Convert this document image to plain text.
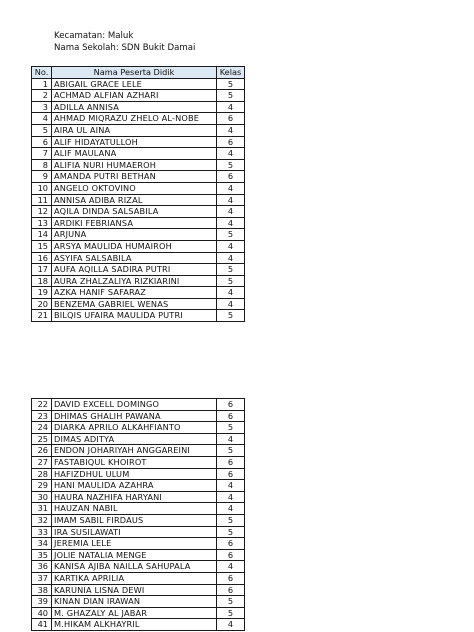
Kecamatan: Maluk
Nama Sekolah: SDN Bukit Damai
No.	Nama Peserta Didik	Kelas
1	ABIGAIL GRACE LELE	5
2	ACHMAD ALFIAN AZHARI	5
3	ADILLA ANNISA	4
4	AHMAD MIQRAZU ZHELO AL-NOBE	6
5	AIRA UL AINA	4
6	ALIF HIDAYATULLOH	6
7	ALIF MAULANA	4
8	ALIFIA NURI HUMAEROH	5
9	AMANDA PUTRI BETHAN	6
10	ANGELO OKTOVINO	4
11	ANNISA ADIBA RIZAL	4
12	AQILA DINDA SALSABILA	4
13	ARDIKI FEBRIANSA	4
14	ARJUNA	5
15	ARSYA MAULIDA HUMAIROH	4
16	ASYIFA SALSABILA	4
17	AUFA AQILLA SADIRA PUTRI	5
18	AURA ZHALZALIYA RIZKIARINI	5
19	AZKA HANIF SAFARAZ	4
20	BENZEMA GABRIEL WENAS	4
21	BILQIS UFAIRA MAULIDA PUTRI	5
22	DAVID EXCELL DOMINGO	6
23	DHIMAS GHALIH PAWANA	6
24	DIARKA APRILO ALKAHFIANTO	5
25	DIMAS ADITYA	4
26	ENDON JOHARIYAH ANGGAREINI	5
27	FASTABIQUL KHOIROT	6
28	HAFIZDHUL ULUM	6
29	HANI MAULIDA AZAHRA	4
30	HAURA NAZHIFA HARYANI	4
31	HAUZAN NABIL	4
32	IMAM SABIL FIRDAUS	5
33	IRA SUSILAWATI	5
34	JEREMIA LELE	6
35	JOLIE NATALIA MENGE	6
36	KANISA AJIBA NAILLA SAHUPALA	4
37	KARTIKA APRILIA	6
38	KARUNIA LISNA DEWI	6
39	KINAN DIAN IRAWAN	5
40	M. GHAZALY AL JABAR	5
41	M.HIKAM ALKHAYRIL	4
